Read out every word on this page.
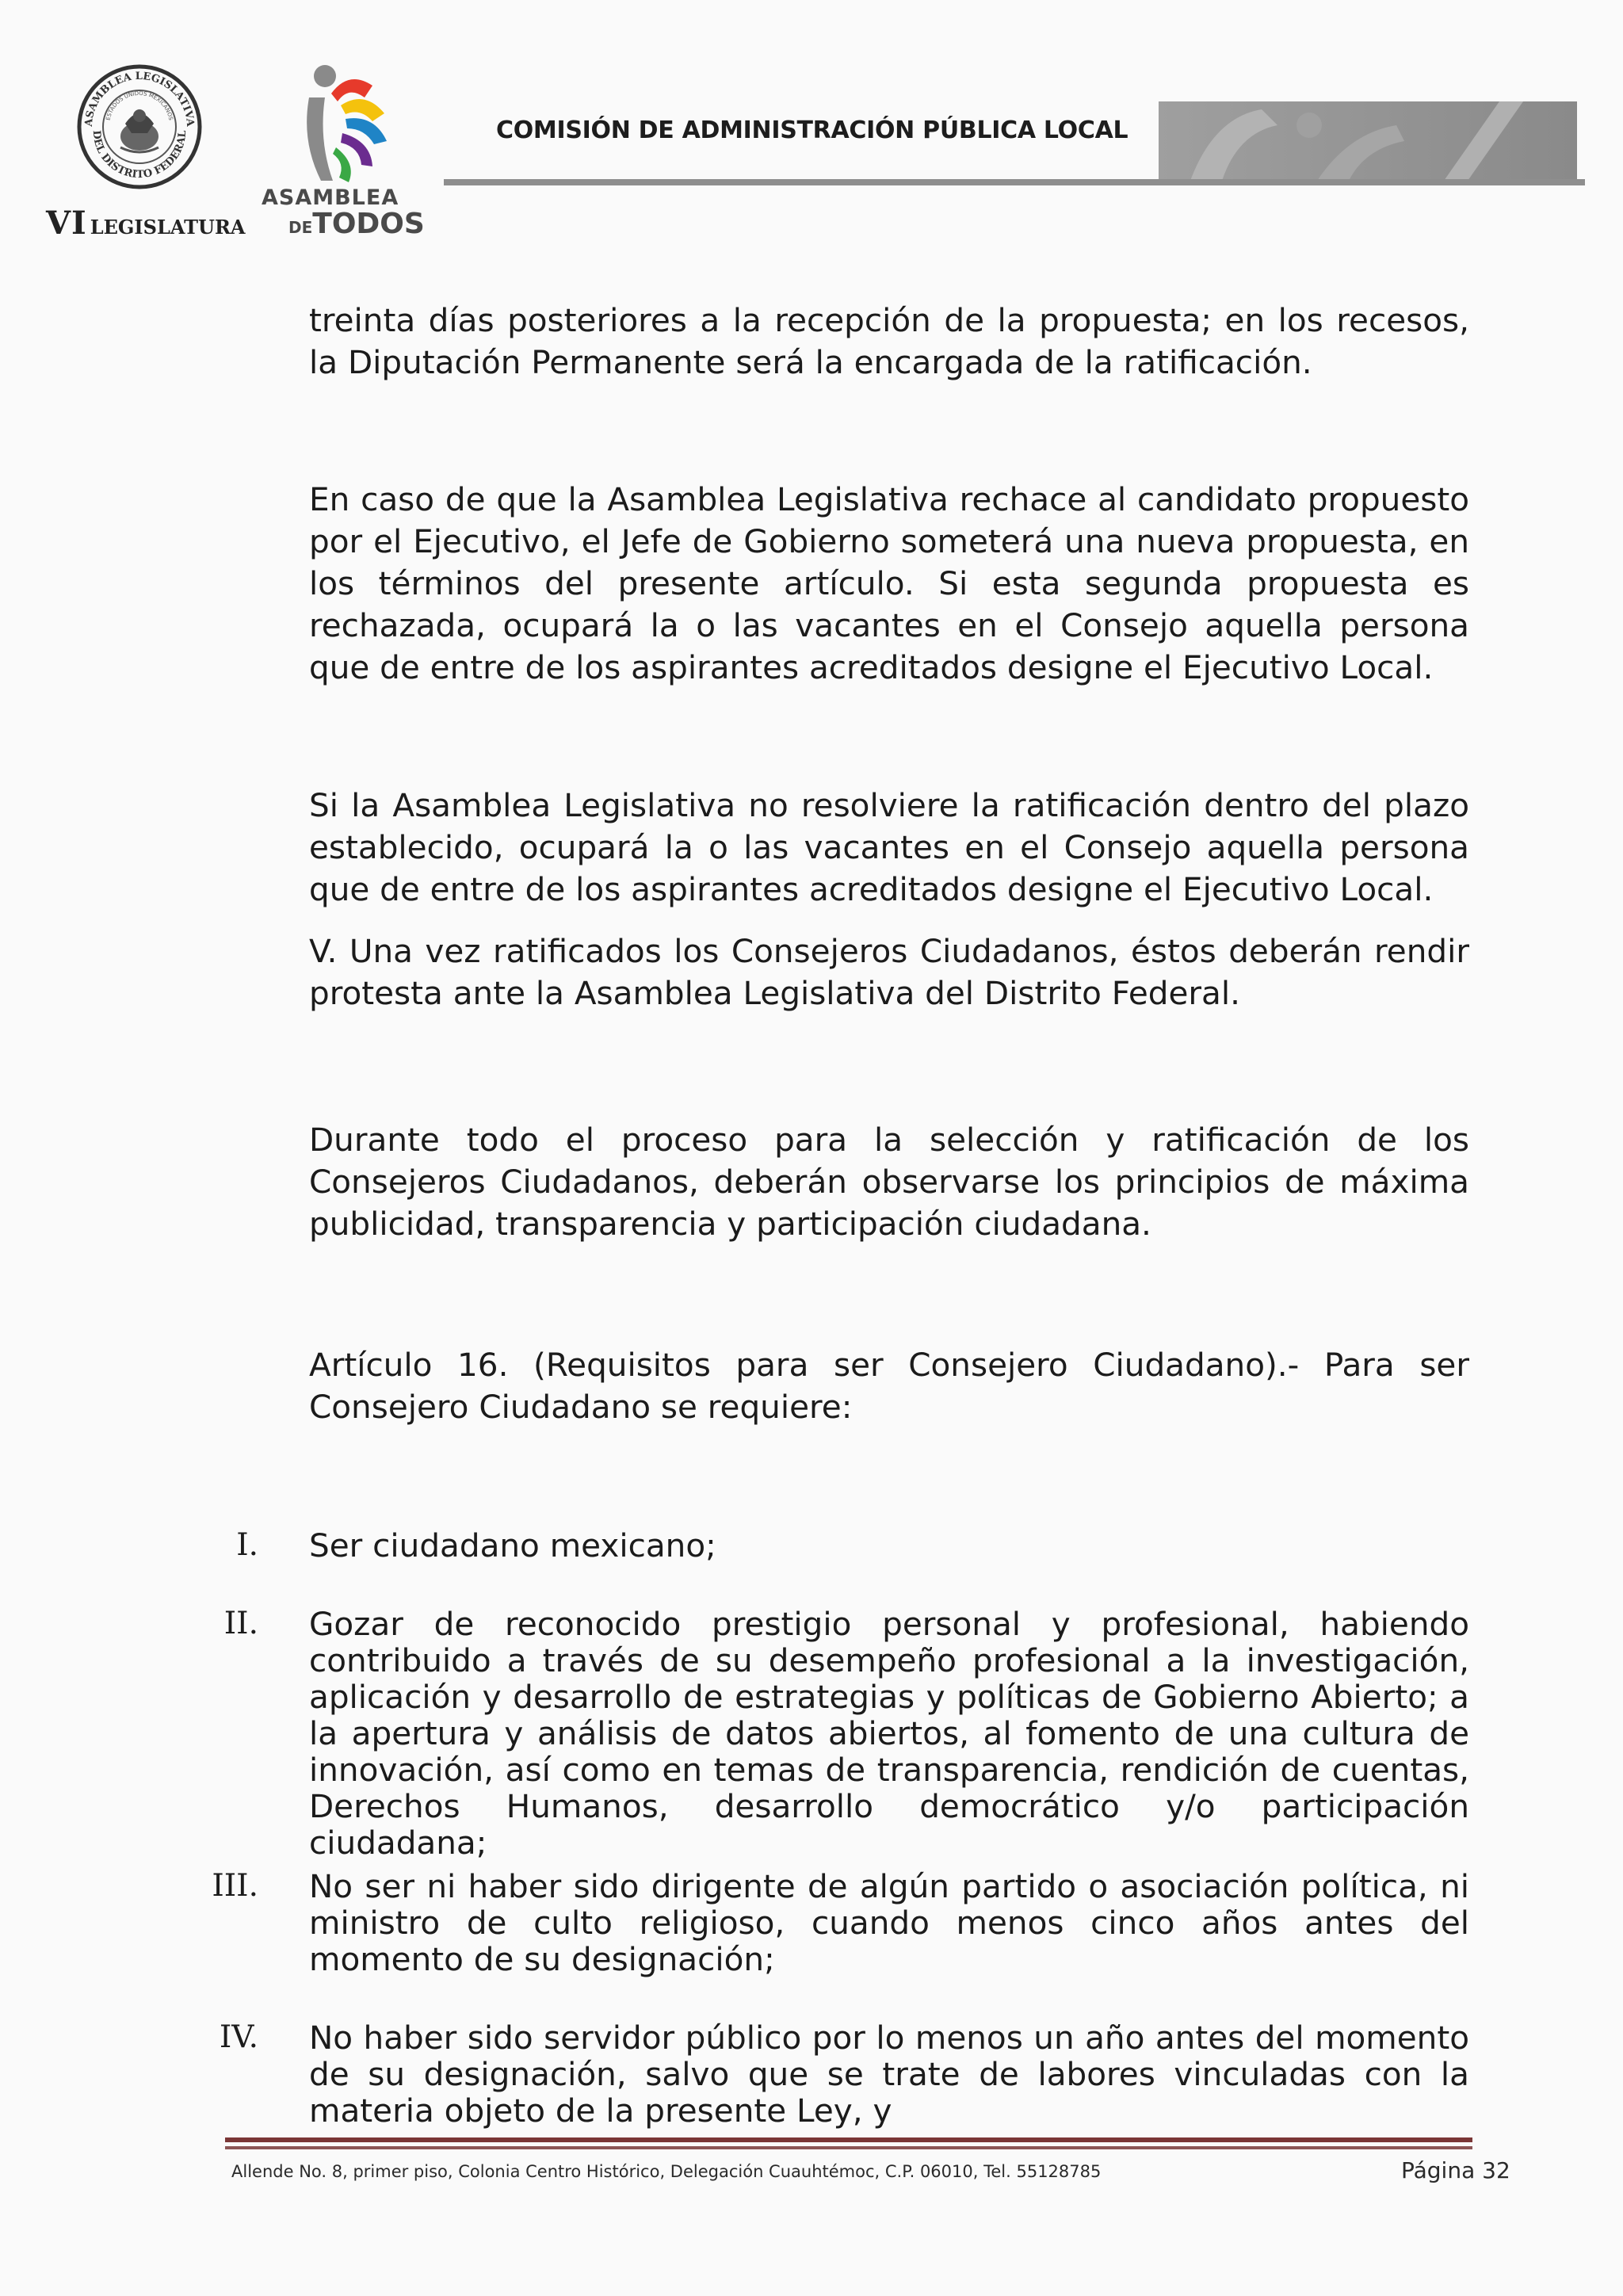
ASAMBLEA LEGISLATIVA
DEL DISTRITO FEDERAL
ESTADOS UNIDOS MEXICANOS
VI LEGISLATURA
ASAMBLEA
DETODOS
COMISIÓN DE ADMINISTRACIÓN PÚBLICA LOCAL

treinta días posteriores a la recepción de la propuesta; en los recesos, la Diputación Permanente será la encargada de la ratificación.

En caso de que la Asamblea Legislativa rechace al candidato propuesto por el Ejecutivo, el Jefe de Gobierno someterá una nueva propuesta, en los términos del presente artículo. Si esta segunda propuesta es rechazada, ocupará la o las vacantes en el Consejo aquella persona que de entre de los aspirantes acreditados designe el Ejecutivo Local.

Si la Asamblea Legislativa no resolviere la ratificación dentro del plazo establecido, ocupará la o las vacantes en el Consejo aquella persona que de entre de los aspirantes acreditados designe el Ejecutivo Local.

V. Una vez ratificados los Consejeros Ciudadanos, éstos deberán rendir protesta ante la Asamblea Legislativa del Distrito Federal.

Durante todo el proceso para la selección y ratificación de los Consejeros Ciudadanos, deberán observarse los principios de máxima publicidad, transparencia y participación ciudadana.

Artículo 16. (Requisitos para ser Consejero Ciudadano).- Para ser Consejero Ciudadano se requiere:

I. Ser ciudadano mexicano;

II. Gozar de reconocido prestigio personal y profesional, habiendo contribuido a través de su desempeño profesional a la investigación, aplicación y desarrollo de estrategias y políticas de Gobierno Abierto; a la apertura y análisis de datos abiertos, al fomento de una cultura de innovación, así como en temas de transparencia, rendición de cuentas, Derechos Humanos, desarrollo democrático y/o participación ciudadana;

III. No ser ni haber sido dirigente de algún partido o asociación política, ni ministro de culto religioso, cuando menos cinco años antes del momento de su designación;

IV. No haber sido servidor público por lo menos un año antes del momento de su designación, salvo que se trate de labores vinculadas con la materia objeto de la presente Ley, y

Allende No. 8, primer piso, Colonia Centro Histórico, Delegación Cuauhtémoc, C.P. 06010, Tel. 55128785	Página 32
